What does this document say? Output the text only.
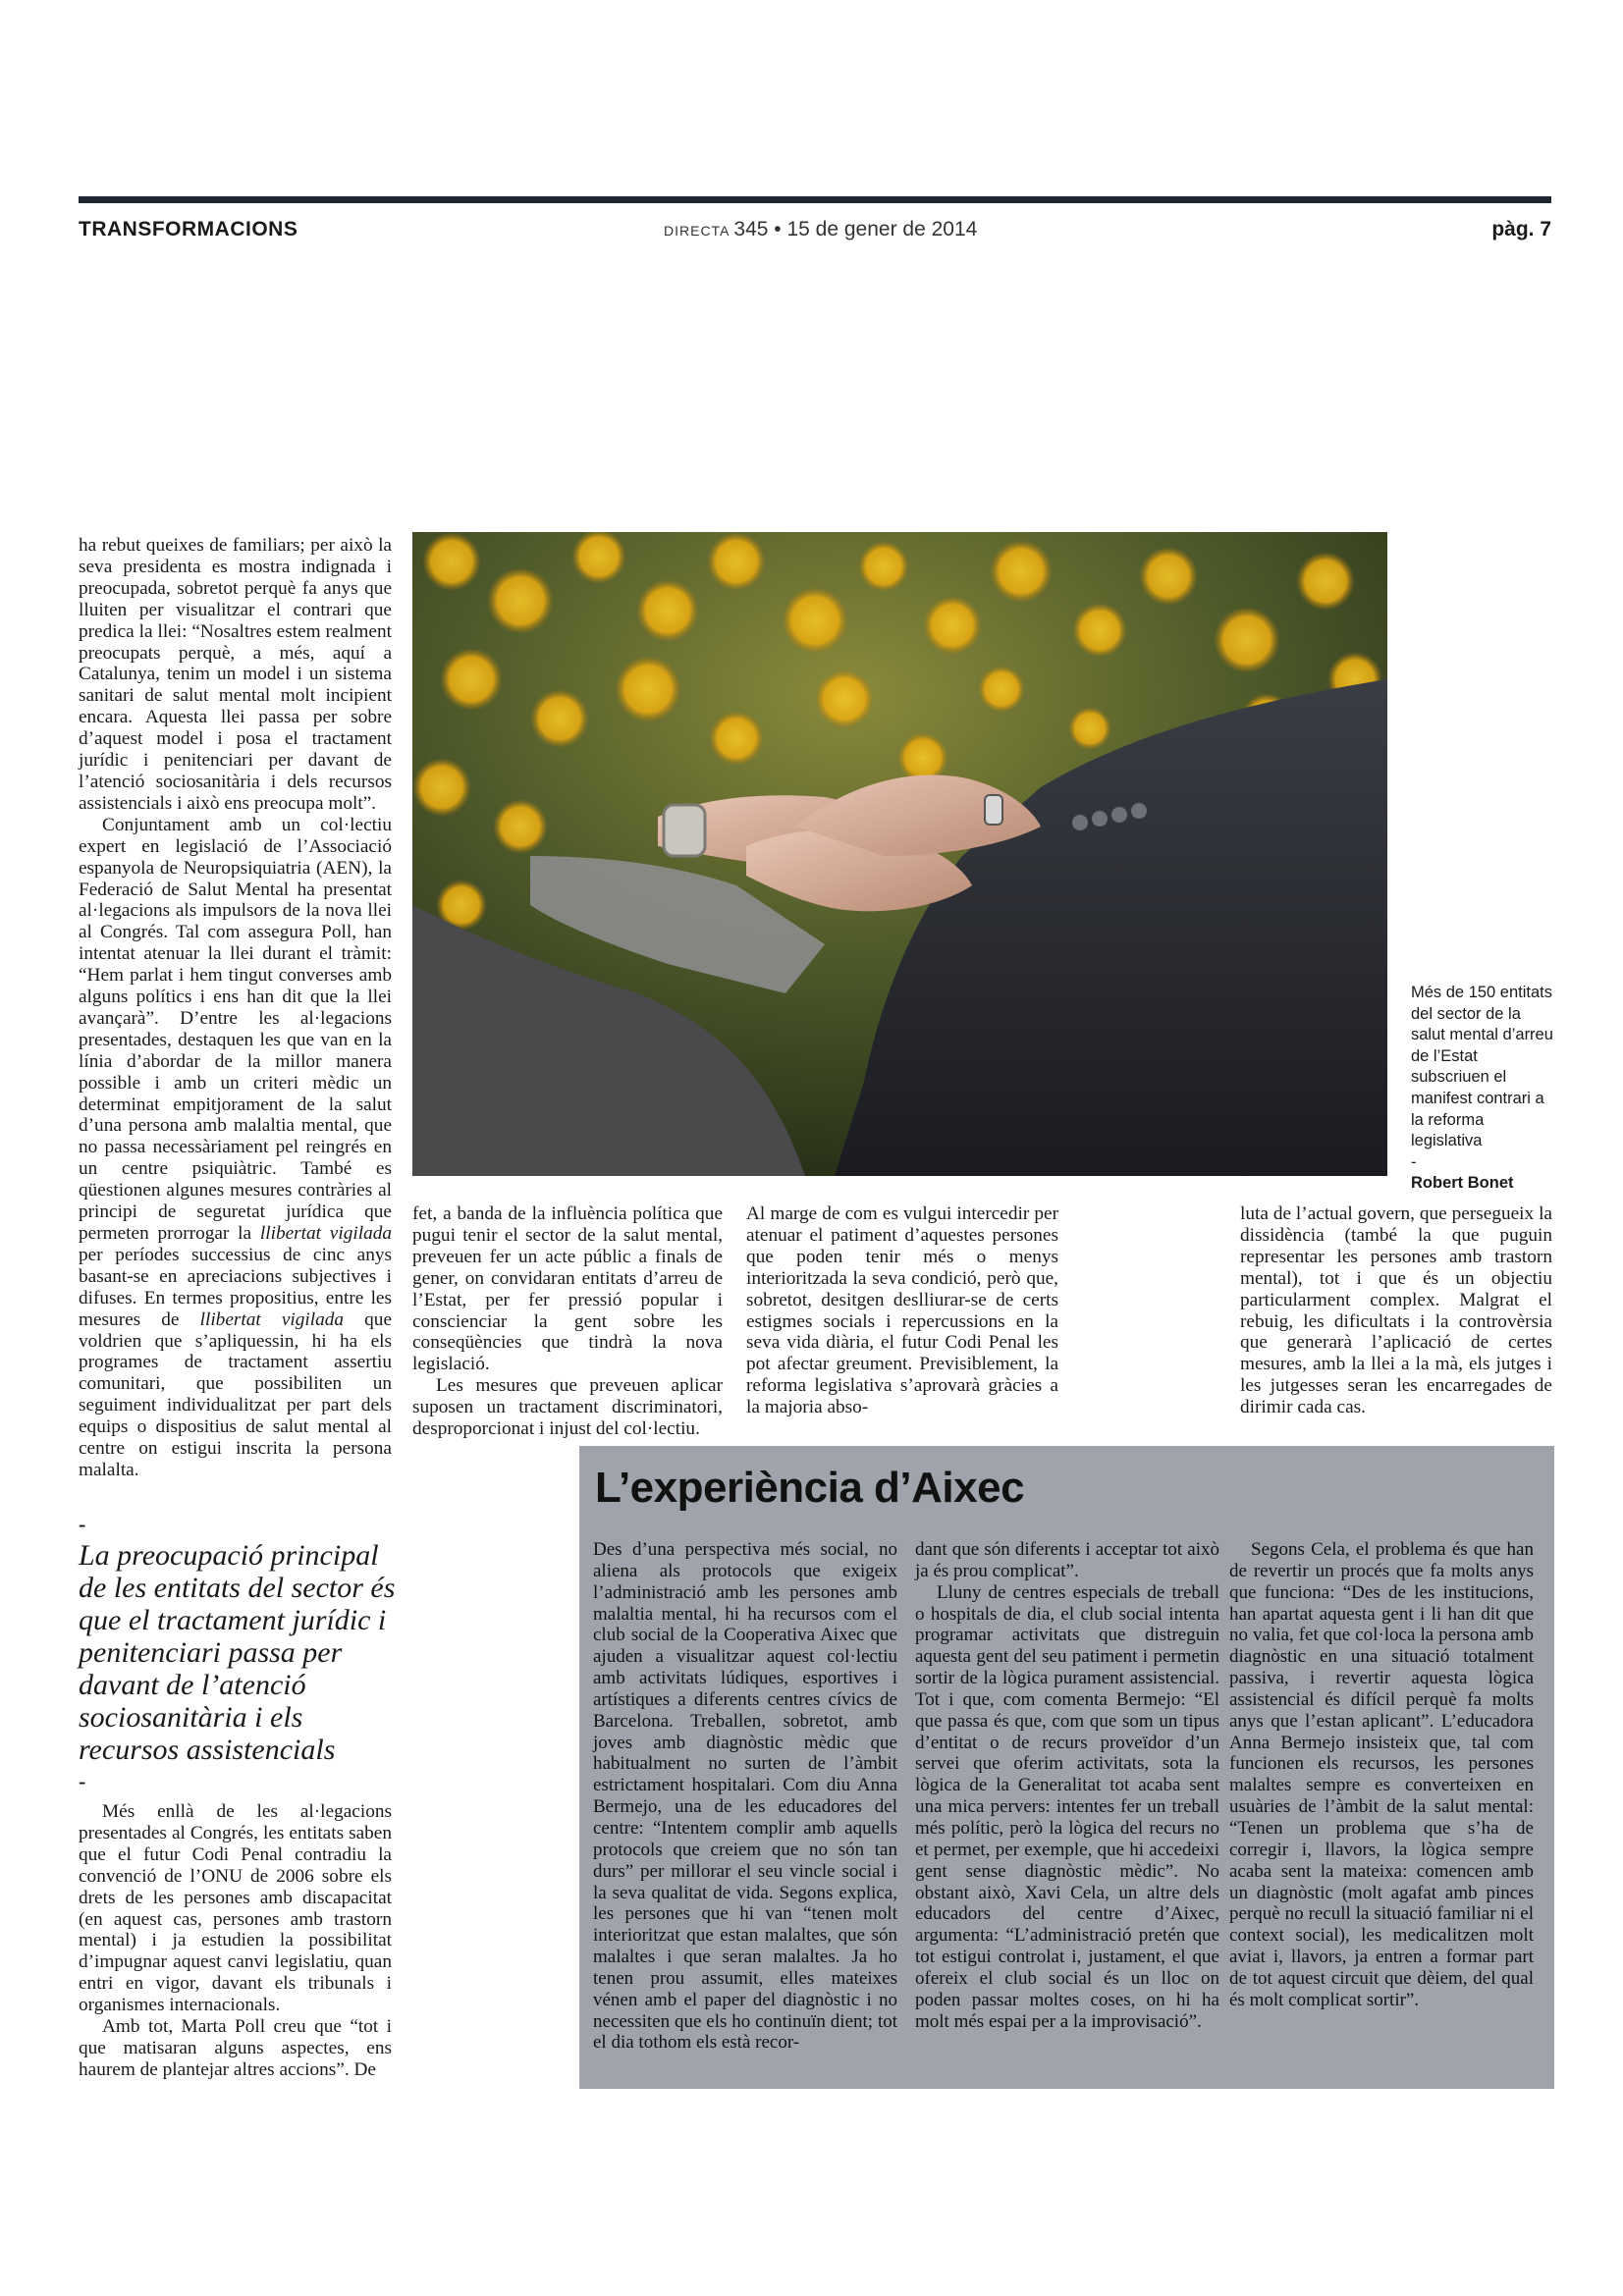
TRANSFORMACIONS	DIRECTA 345 • 15 de gener de 2014	pàg. 7

ha rebut queixes de familiars; per això la seva presidenta es mostra indignada i preocupada, sobretot perquè fa anys que lluiten per visualitzar el contrari que predica la llei: “Nosaltres estem realment preocupats perquè, a més, aquí a Catalunya, tenim un model i un sistema sanitari de salut mental molt incipient encara. Aquesta llei passa per sobre d’aquest model i posa el tractament jurídic i penitenciari per davant de l’atenció sociosanitària i dels recursos assistencials i això ens preocupa molt”.

Conjuntament amb un col·lectiu expert en legislació de l’Associació espanyola de Neuropsiquiatria (AEN), la Federació de Salut Mental ha presentat al·legacions als impulsors de la nova llei al Congrés. Tal com assegura Poll, han intentat atenuar la llei durant el tràmit: “Hem parlat i hem tingut converses amb alguns polítics i ens han dit que la llei avançarà”. D’entre les al·legacions presentades, destaquen les que van en la línia d’abordar de la millor manera possible i amb un criteri mèdic un determinat empitjorament de la salut d’una persona amb malaltia mental, que no passa necessàriament pel reingrés en un centre psiquiàtric. També es qüestionen algunes mesures contràries al principi de seguretat jurídica que permeten prorrogar la llibertat vigilada per períodes successius de cinc anys basant-se en apreciacions subjectives i difuses. En termes propositius, entre les mesures de llibertat vigilada que voldrien que s’apliquessin, hi ha els programes de tractament assertiu comunitari, que possibiliten un seguiment individualitzat per part dels equips o dispositius de salut mental al centre on estigui inscrita la persona malalta.

-
La preocupació principal de les entitats del sector és que el tractament jurídic i penitenciari passa per davant de l’atenció sociosanitària i els recursos assistencials
-

Més enllà de les al·legacions presentades al Congrés, les entitats saben que el futur Codi Penal contradiu la convenció de l’ONU de 2006 sobre els drets de les persones amb discapacitat (en aquest cas, persones amb trastorn mental) i ja estudien la possibilitat d’impugnar aquest canvi legislatiu, quan entri en vigor, davant els tribunals i organismes internacionals.

Amb tot, Marta Poll creu que “tot i que matisaran alguns aspectes, ens haurem de plantejar altres accions”. De

Més de 150 entitats del sector de la salut mental d’arreu de l’Estat subscriuen el manifest contrari a la reforma legislativa
-
Robert Bonet

fet, a banda de la influència política que pugui tenir el sector de la salut mental, preveuen fer un acte públic a finals de gener, on convidaran entitats d’arreu de l’Estat, per fer pressió popular i conscienciar la gent sobre les conseqüències que tindrà la nova legislació.

Les mesures que preveuen aplicar suposen un tractament discriminatori, desproporcionat i injust del col·lectiu.

Al marge de com es vulgui intercedir per atenuar el patiment d’aquestes persones que poden tenir més o menys interioritzada la seva condició, però que, sobretot, desitgen deslliurar-se de certs estigmes socials i repercussions en la seva vida diària, el futur Codi Penal les pot afectar greument. Previsiblement, la reforma legislativa s’aprovarà gràcies a la majoria abso-

luta de l’actual govern, que persegueix la dissidència (també la que puguin representar les persones amb trastorn mental), tot i que és un objectiu particularment complex. Malgrat el rebuig, les dificultats i la controvèrsia que generarà l’aplicació de certes mesures, amb la llei a la mà, els jutges i les jutgesses seran les encarregades de dirimir cada cas.

L’experiència d’Aixec

Des d’una perspectiva més social, no aliena als protocols que exigeix l’administració amb les persones amb malaltia mental, hi ha recursos com el club social de la Cooperativa Aixec que ajuden a visualitzar aquest col·lectiu amb activitats lúdiques, esportives i artístiques a diferents centres cívics de Barcelona. Treballen, sobretot, amb joves amb diagnòstic mèdic que habitualment no surten de l’àmbit estrictament hospitalari. Com diu Anna Bermejo, una de les educadores del centre: “Intentem complir amb aquells protocols que creiem que no són tan durs” per millorar el seu vincle social i la seva qualitat de vida. Segons explica, les persones que hi van “tenen molt interioritzat que estan malaltes, que són malaltes i que seran malaltes. Ja ho tenen prou assumit, elles mateixes vénen amb el paper del diagnòstic i no necessiten que els ho continuïn dient; tot el dia tothom els està recor-

dant que són diferents i acceptar tot això ja és prou complicat”.

Lluny de centres especials de treball o hospitals de dia, el club social intenta programar activitats que distreguin aquesta gent del seu patiment i permetin sortir de la lògica purament assistencial. Tot i que, com comenta Bermejo: “El que passa és que, com que som un tipus d’entitat o de recurs proveïdor d’un servei que oferim activitats, sota la lògica de la Generalitat tot acaba sent una mica pervers: intentes fer un treball més polític, però la lògica del recurs no et permet, per exemple, que hi accedeixi gent sense diagnòstic mèdic”. No obstant això, Xavi Cela, un altre dels educadors del centre d’Aixec, argumenta: “L’administració pretén que tot estigui controlat i, justament, el que ofereix el club social és un lloc on poden passar moltes coses, on hi ha molt més espai per a la improvisació”.

Segons Cela, el problema és que han de revertir un procés que fa molts anys que funciona: “Des de les institucions, han apartat aquesta gent i li han dit que no valia, fet que col·loca la persona amb diagnòstic en una situació totalment passiva, i revertir aquesta lògica assistencial és difícil perquè fa molts anys que l’estan aplicant”. L’educadora Anna Bermejo insisteix que, tal com funcionen els recursos, les persones malaltes sempre es converteixen en usuàries de l’àmbit de la salut mental: “Tenen un problema que s’ha de corregir i, llavors, la lògica sempre acaba sent la mateixa: comencen amb un diagnòstic (molt agafat amb pinces perquè no recull la situació familiar ni el context social), les medicalitzen molt aviat i, llavors, ja entren a formar part de tot aquest circuit que dèiem, del qual és molt complicat sortir”.
